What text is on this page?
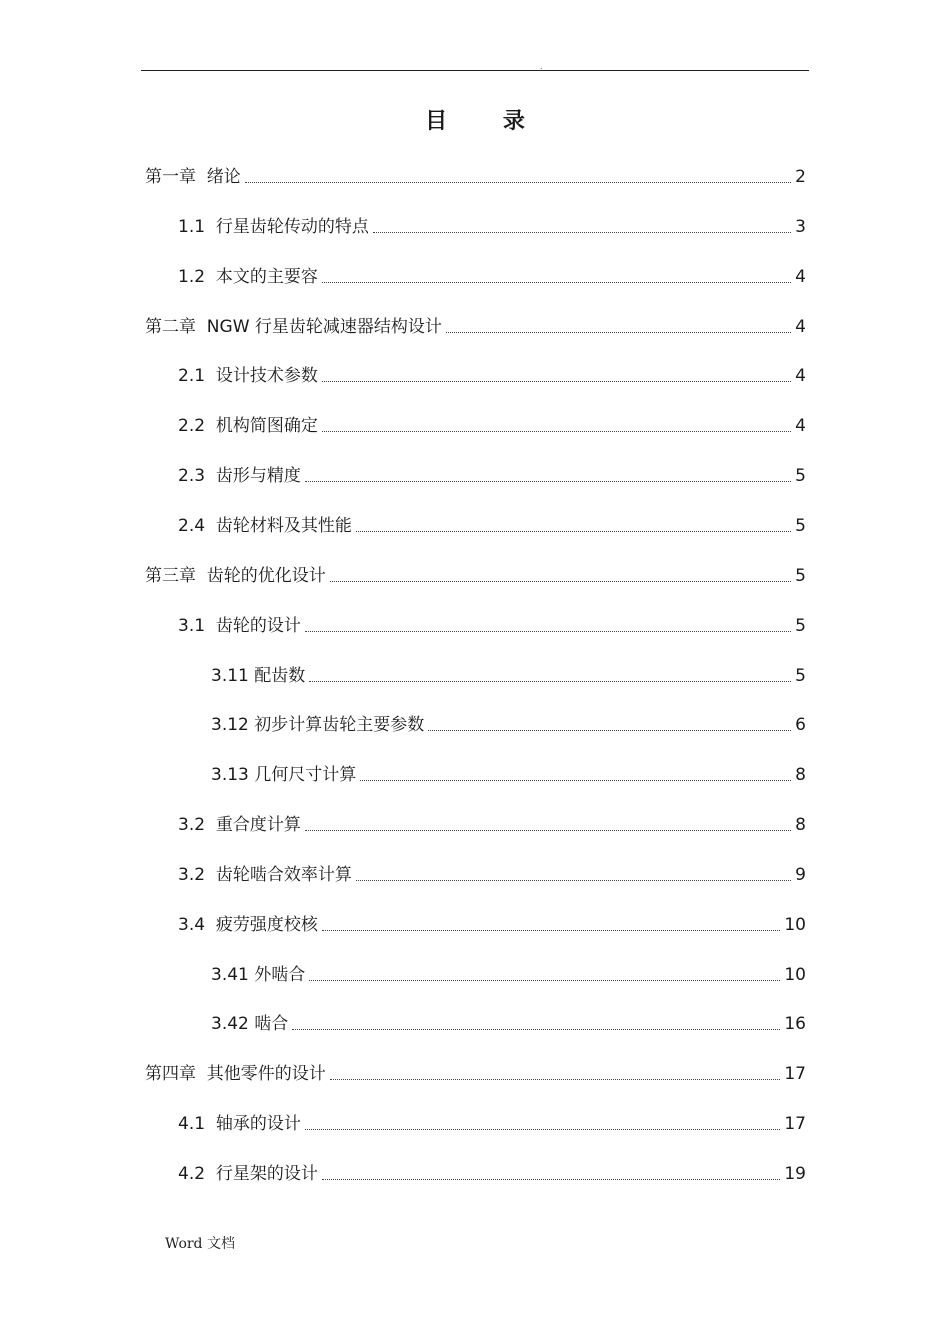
.
目 录
第一章  绪论	2
1.1  行星齿轮传动的特点	3
1.2  本文的主要容	4
第二章  NGW 行星齿轮减速器结构设计	4
2.1  设计技术参数	4
2.2  机构简图确定	4
2.3  齿形与精度	5
2.4  齿轮材料及其性能	5
第三章  齿轮的优化设计	5
3.1  齿轮的设计	5
3.11 配齿数	5
3.12 初步计算齿轮主要参数	6
3.13 几何尺寸计算	8
3.2  重合度计算	8
3.2  齿轮啮合效率计算	9
3.4  疲劳强度校核	10
3.41 外啮合	10
3.42 啮合	16
第四章  其他零件的设计	17
4.1  轴承的设计	17
4.2  行星架的设计	19
Word 文档
